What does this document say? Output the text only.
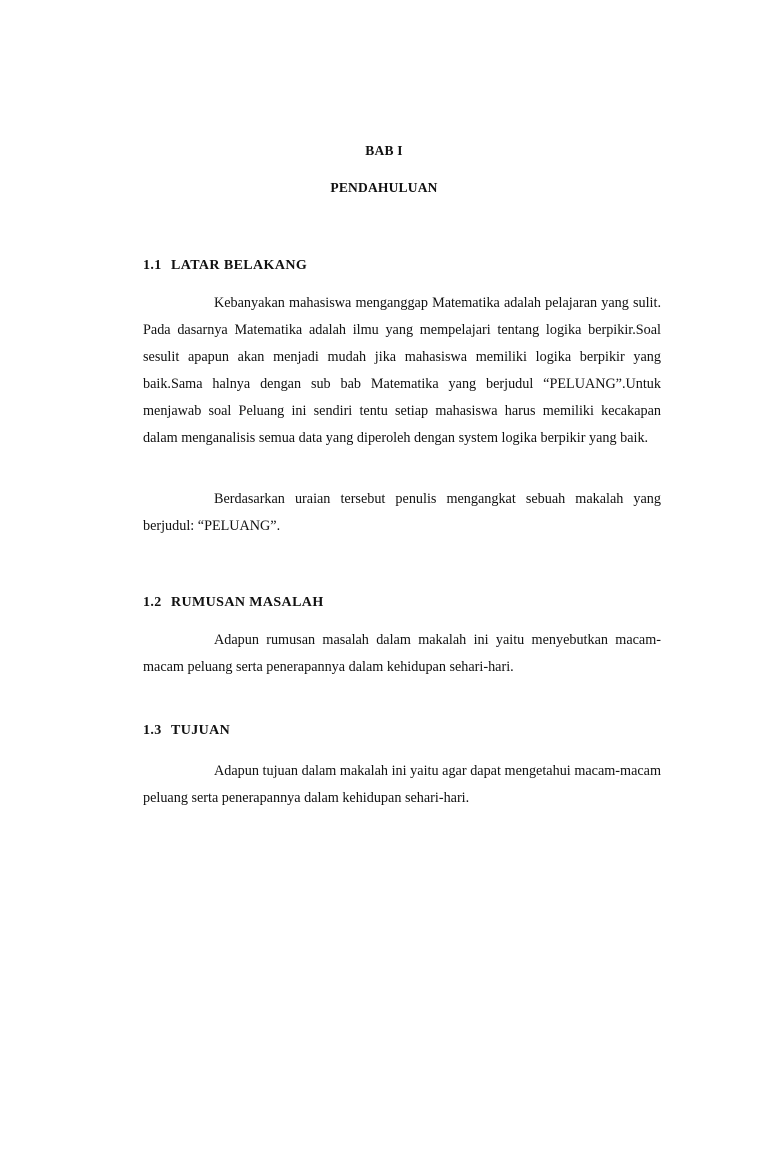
BAB I
PENDAHULUAN
1.1 LATAR BELAKANG

Kebanyakan mahasiswa menganggap Matematika adalah pelajaran yang sulit. Pada dasarnya Matematika adalah ilmu yang mempelajari tentang logika berpikir.Soal sesulit apapun akan menjadi mudah jika mahasiswa memiliki logika berpikir yang baik.Sama halnya dengan sub bab Matematika yang berjudul “PELUANG”.Untuk menjawab soal Peluang ini sendiri tentu setiap mahasiswa harus memiliki kecakapan dalam menganalisis semua data yang diperoleh dengan system logika berpikir yang baik.

Berdasarkan uraian tersebut penulis mengangkat sebuah makalah yang berjudul: “PELUANG”.

1.2 RUMUSAN MASALAH

Adapun rumusan masalah dalam makalah ini yaitu menyebutkan macam-macam peluang serta penerapannya dalam kehidupan sehari-hari.

1.3 TUJUAN

Adapun tujuan dalam makalah ini yaitu agar dapat mengetahui macam-macam peluang serta penerapannya dalam kehidupan sehari-hari.
